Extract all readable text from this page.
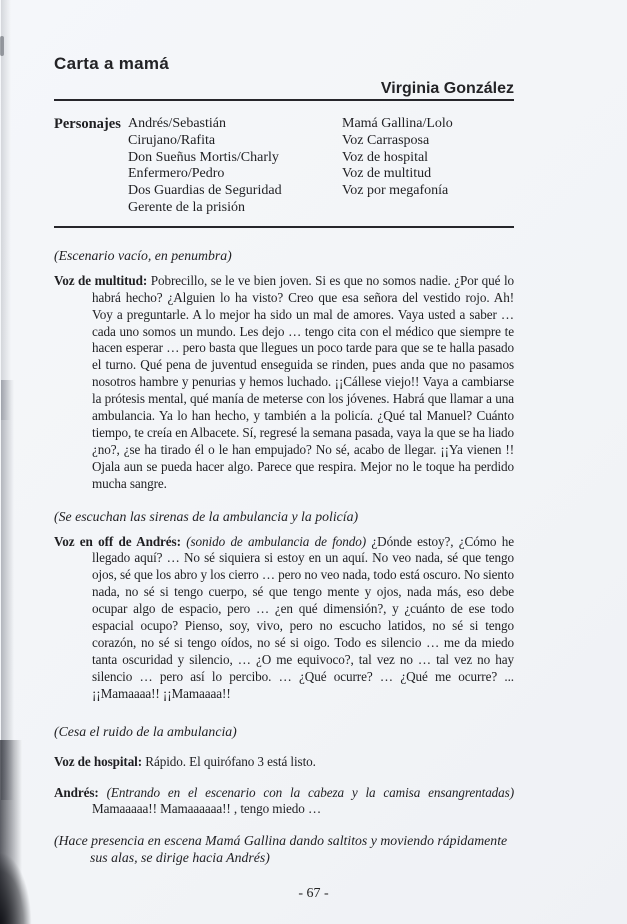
Carta a mamá
Virginia González
Personajes Andrés/Sebastián
Cirujano/Rafita
Don Sueñus Mortis/Charly
Enfermero/Pedro
Dos Guardias de Seguridad
Gerente de la prisión
Mamá Gallina/Lolo
Voz Carrasposa
Voz de hospital
Voz de multitud
Voz por megafonía

(Escenario vacío, en penumbra)

Voz de multitud: Pobrecillo, se le ve bien joven. Si es que no somos nadie. ¿Por qué lo habrá hecho? ¿Alguien lo ha visto? Creo que esa señora del vestido rojo. Ah! Voy a preguntarle. A lo mejor ha sido un mal de amores. Vaya usted a saber … cada uno somos un mundo. Les dejo … tengo cita con el médico que siempre te hacen esperar … pero basta que llegues un poco tarde para que se te halla pasado el turno. Qué pena de juventud enseguida se rinden, pues anda que no pasamos nosotros hambre y penurias y hemos luchado. ¡¡Cállese viejo!! Vaya a cambiarse la prótesis mental, qué manía de meterse con los jóvenes. Habrá que llamar a una ambulancia. Ya lo han hecho, y también a la policía. ¿Qué tal Manuel? Cuánto tiempo, te creía en Albacete. Sí, regresé la semana pasada, vaya la que se ha liado ¿no?, ¿se ha tirado él o le han empujado? No sé, acabo de llegar. ¡¡Ya vienen !! Ojala aun se pueda hacer algo. Parece que respira. Mejor no le toque ha perdido mucha sangre.

(Se escuchan las sirenas de la ambulancia y la policía)

Voz en off de Andrés: (sonido de ambulancia de fondo) ¿Dónde estoy?, ¿Cómo he llegado aquí? … No sé siquiera si estoy en un aquí. No veo nada, sé que tengo ojos, sé que los abro y los cierro … pero no veo nada, todo está oscuro. No siento nada, no sé si tengo cuerpo, sé que tengo mente y ojos, nada más, eso debe ocupar algo de espacio, pero … ¿en qué dimensión?, y ¿cuánto de ese todo espacial ocupo? Pienso, soy, vivo, pero no escucho latidos, no sé si tengo corazón, no sé si tengo oídos, no sé si oigo. Todo es silencio … me da miedo tanta oscuridad y silencio, … ¿O me equivoco?, tal vez no … tal vez no hay silencio … pero así lo percibo. … ¿Qué ocurre? … ¿Qué me ocurre? ... ¡¡Mamaaaa!! ¡¡Mamaaaa!!

(Cesa el ruido de la ambulancia)

Voz de hospital: Rápido. El quirófano 3 está listo.

Andrés: (Entrando en el escenario con la cabeza y la camisa ensangrentadas) Mamaaaaa!! Mamaaaaaa!! , tengo miedo …

(Hace presencia en escena Mamá Gallina dando saltitos y moviendo rápidamente sus alas, se dirige hacia Andrés)

- 67 -
